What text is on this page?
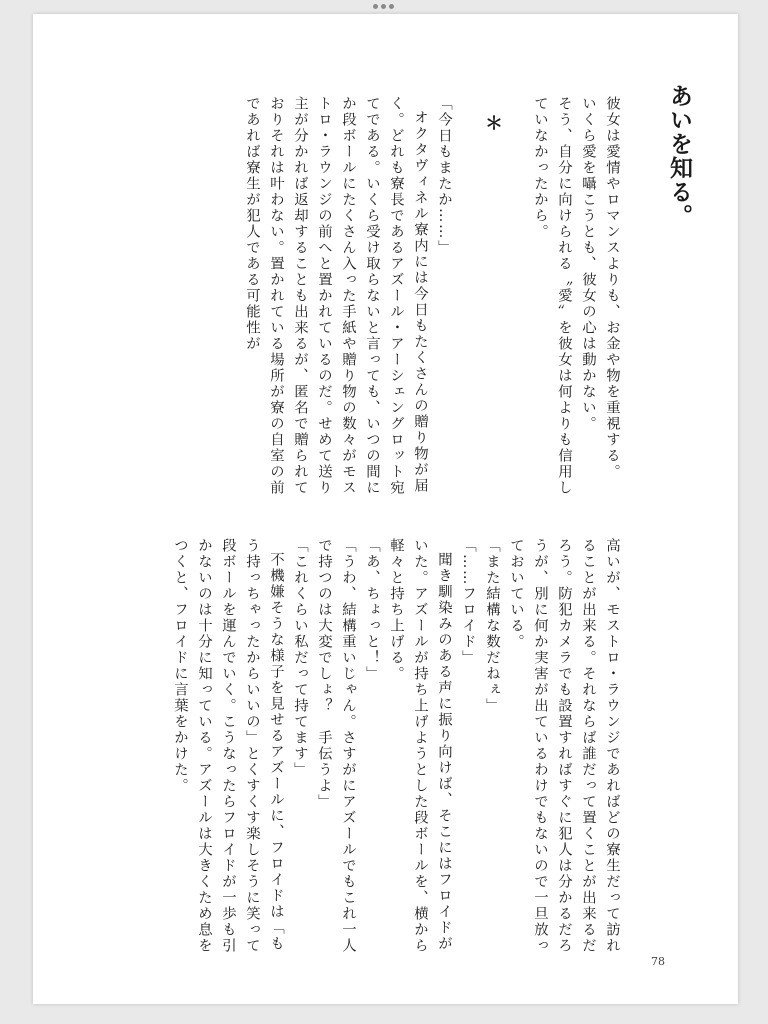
あいを知る。

彼女は愛情やロマンスよりも、お金や物を重視する。

いくら愛を囁こうとも、彼女の心は動かない。

そう、自分に向けられる〝愛〟を彼女は何よりも信用していなかったから。

＊

「今日もまたか……」

オクタヴィネル寮内には今日もたくさんの贈り物が届く。どれも寮長であるアズール・アーシェングロット宛てである。いくら受け取らないと言っても、いつの間にか段ボールにたくさん入った手紙や贈り物の数々がモストロ・ラウンジの前へと置かれているのだ。せめて送り主が分かれば返却することも出来るが、匿名で贈られておりそれは叶わない。置かれている場所が寮の自室の前であれば寮生が犯人である可能性が

高いが、モストロ・ラウンジであればどの寮生だって訪れることが出来る。それならば誰だって置くことが出来るだろう。防犯カメラでも設置すればすぐに犯人は分かるだろうが、別に何か実害が出ているわけでもないので一旦放っておいている。

「また結構な数だねぇ」

「……フロイド」

聞き馴染みのある声に振り向けば、そこにはフロイドがいた。アズールが持ち上げようとした段ボールを、横から軽々と持ち上げる。

「あ、ちょっと！」

「うわ、結構重いじゃん。さすがにアズールでもこれ一人で持つのは大変でしょ？　手伝うよ」

「これくらい私だって持てます」

不機嫌そうな様子を見せるアズールに、フロイドは「もう持っちゃったからいいの」とくすくす楽しそうに笑って段ボールを運んでいく。こうなったらフロイドが一歩も引かないのは十分に知っている。アズールは大きくため息をつくと、フロイドに言葉をかけた。

78
